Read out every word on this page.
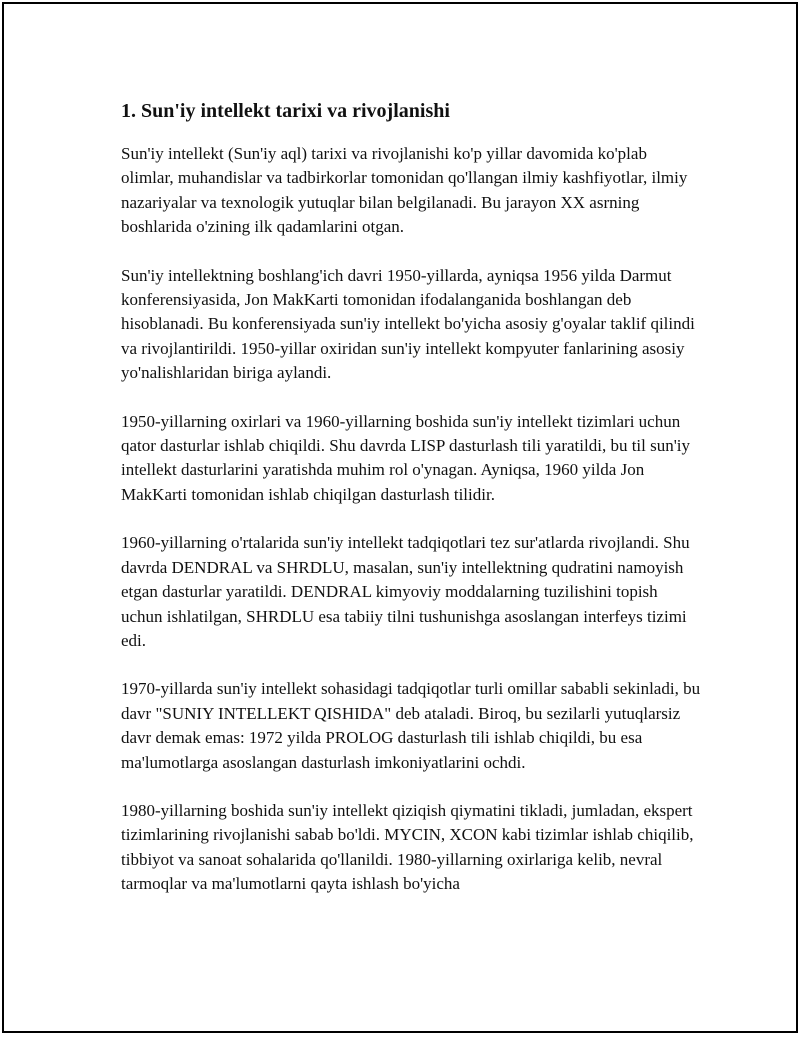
1. Sun'iy intellekt tarixi va rivojlanishi

Sun'iy intellekt (Sun'iy aql) tarixi va rivojlanishi ko'p yillar davomida ko'plab olimlar, muhandislar va tadbirkorlar tomonidan qo'llangan ilmiy kashfiyotlar, ilmiy nazariyalar va texnologik yutuqlar bilan belgilanadi. Bu jarayon XX asrning boshlarida o'zining ilk qadamlarini otgan.

Sun'iy intellektning boshlang'ich davri 1950-yillarda, ayniqsa 1956 yilda Darmut konferensiyasida, Jon MakKarti tomonidan ifodalanganida boshlangan deb hisoblanadi. Bu konferensiyada sun'iy intellekt bo'yicha asosiy g'oyalar taklif qilindi va rivojlantirildi. 1950-yillar oxiridan sun'iy intellekt kompyuter fanlarining asosiy yo'nalishlaridan biriga aylandi.

1950-yillarning oxirlari va 1960-yillarning boshida sun'iy intellekt tizimlari uchun qator dasturlar ishlab chiqildi. Shu davrda LISP dasturlash tili yaratildi, bu til sun'iy intellekt dasturlarini yaratishda muhim rol o'ynagan. Ayniqsa, 1960 yilda Jon MakKarti tomonidan ishlab chiqilgan dasturlash tilidir.

1960-yillarning o'rtalarida sun'iy intellekt tadqiqotlari tez sur'atlarda rivojlandi. Shu davrda DENDRAL va SHRDLU, masalan, sun'iy intellektning qudratini namoyish etgan dasturlar yaratildi. DENDRAL kimyoviy moddalarning tuzilishini topish uchun ishlatilgan, SHRDLU esa tabiiy tilni tushunishga asoslangan interfeys tizimi edi.

1970-yillarda sun'iy intellekt sohasidagi tadqiqotlar turli omillar sababli sekinladi, bu davr "SUNIY INTELLEKT QISHIDA" deb ataladi. Biroq, bu sezilarli yutuqlarsiz davr demak emas: 1972 yilda PROLOG dasturlash tili ishlab chiqildi, bu esa ma'lumotlarga asoslangan dasturlash imkoniyatlarini ochdi.

1980-yillarning boshida sun'iy intellekt qiziqish qiymatini tikladi, jumladan, ekspert tizimlarining rivojlanishi sabab bo'ldi. MYCIN, XCON kabi tizimlar ishlab chiqilib, tibbiyot va sanoat sohalarida qo'llanildi. 1980-yillarning oxirlariga kelib, nevral tarmoqlar va ma'lumotlarni qayta ishlash bo'yicha
